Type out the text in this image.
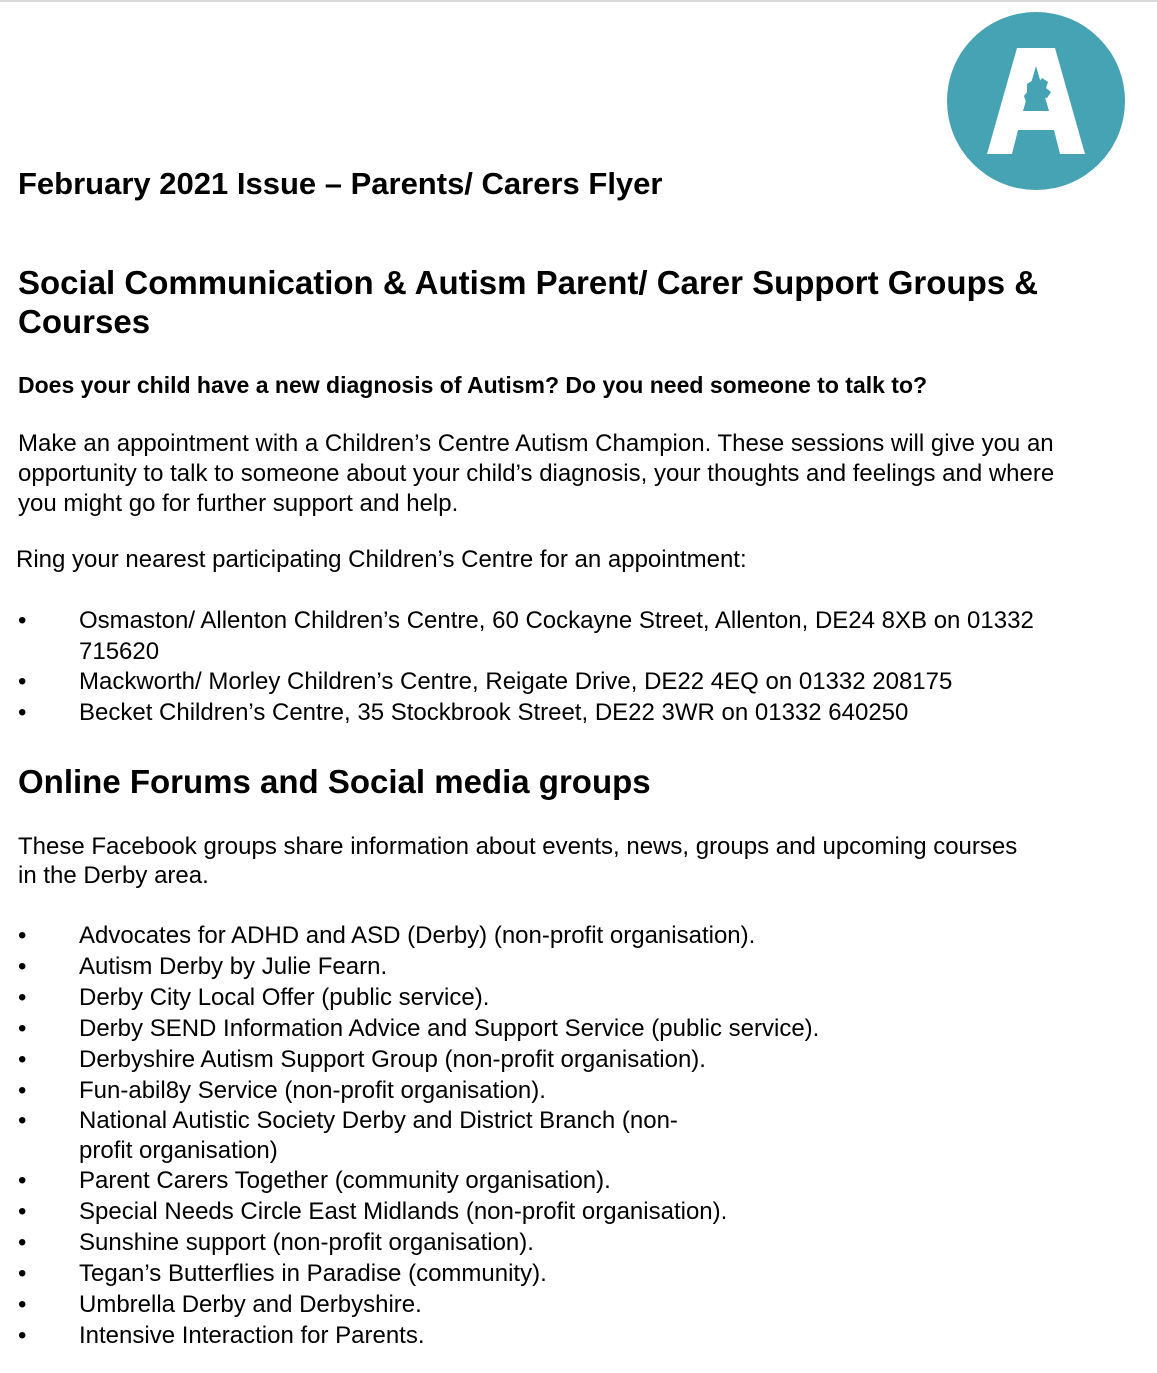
February 2021 Issue – Parents/ Carers Flyer
Social Communication & Autism Parent/ Carer Support Groups &
Courses
Does your child have a new diagnosis of Autism? Do you need someone to talk to?
Make an appointment with a Children’s Centre Autism Champion. These sessions will give you an
opportunity to talk to someone about your child’s diagnosis, your thoughts and feelings and where
you might go for further support and help.
Ring your nearest participating Children’s Centre for an appointment:
• Osmaston/ Allenton Children’s Centre, 60 Cockayne Street, Allenton, DE24 8XB on 01332
715620
• Mackworth/ Morley Children’s Centre, Reigate Drive, DE22 4EQ on 01332 208175
• Becket Children’s Centre, 35 Stockbrook Street, DE22 3WR on 01332 640250
Online Forums and Social media groups
These Facebook groups share information about events, news, groups and upcoming courses
in the Derby area.
• Advocates for ADHD and ASD (Derby) (non-profit organisation).
• Autism Derby by Julie Fearn.
• Derby City Local Offer (public service).
• Derby SEND Information Advice and Support Service (public service).
• Derbyshire Autism Support Group (non-profit organisation).
• Fun-abil8y Service (non-profit organisation).
• National Autistic Society Derby and District Branch (non-
profit organisation)
• Parent Carers Together (community organisation).
• Special Needs Circle East Midlands (non-profit organisation).
• Sunshine support (non-profit organisation).
• Tegan’s Butterflies in Paradise (community).
• Umbrella Derby and Derbyshire.
• Intensive Interaction for Parents.
